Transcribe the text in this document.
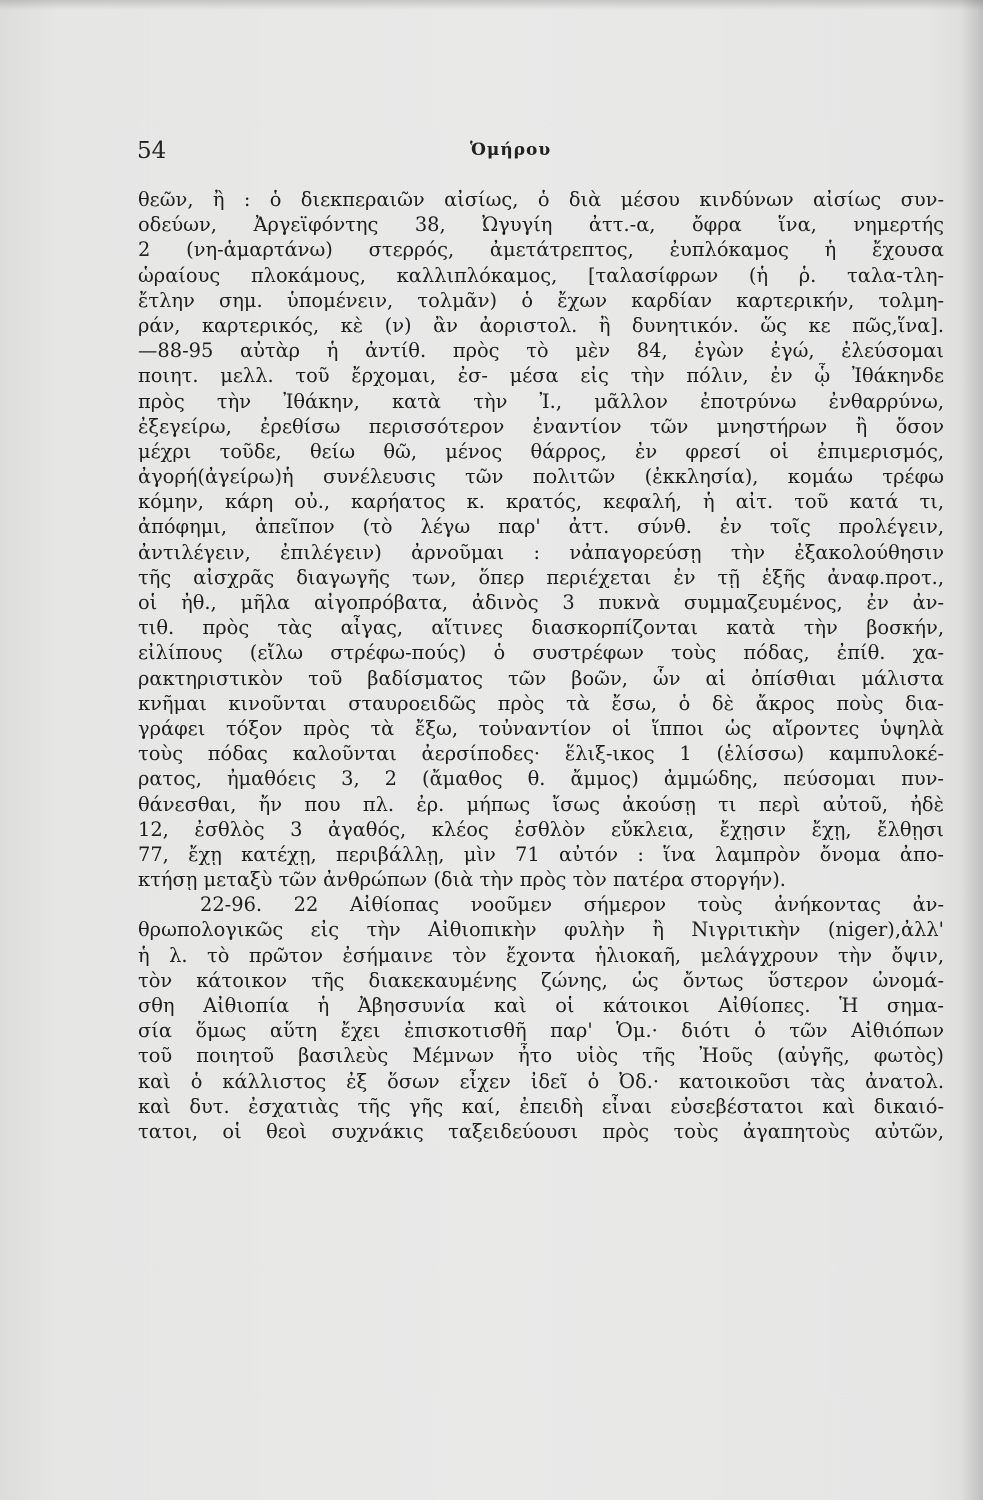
54	Ὁμήρου
θεῶν, ἢ : ὁ διεκπεραιῶν αἰσίως, ὁ διὰ μέσου κινδύνων αἰσίως συν-
οδεύων, Ἀργεϊφόντης 38, Ὠγυγίη ἀττ.-α, ὄφρα ἵνα, νημερτής
2 (νη-ἁμαρτάνω) στερρός, ἀμετάτρεπτος, ἐυπλόκαμος ἡ ἔχουσα
ὡραίους πλοκάμους, καλλιπλόκαμος, [ταλασίφρων (ἡ ῥ. ταλα-τλη-
ἔτλην σημ. ὑπομένειν, τολμᾶν) ὁ ἔχων καρδίαν καρτερικήν, τολμη-
ράν, καρτερικός, κὲ (ν) ἂν ἀοριστολ. ἢ δυνητικόν. ὥς κε πῶς,ἵνα].
—88-95 αὐτὰρ ἡ ἀντίθ. πρὸς τὸ μὲν 84, ἐγὼν ἐγώ, ἐλεύσομαι
ποιητ. μελλ. τοῦ ἔρχομαι, ἐσ- μέσα εἰς τὴν πόλιν, ἐν ᾧ Ἰθάκηνδε
πρὸς τὴν Ἰθάκην, κατὰ τὴν Ἰ., μᾶλλον ἐποτρύνω ἐνθαρρύνω,
ἐξεγείρω, ἐρεθίσω περισσότερον ἐναντίον τῶν μνηστήρων ἢ ὅσον
μέχρι τοῦδε, θείω θῶ, μένος θάρρος, ἐν φρεσί οἱ ἐπιμερισμός,
ἀγορή(ἀγείρω)ἡ συνέλευσις τῶν πολιτῶν (ἐκκλησία), κομάω τρέφω
κόμην, κάρη οὐ., καρήατος κ. κρατός, κεφαλή, ἡ αἰτ. τοῦ κατά τι,
ἀπόφημι, ἀπεῖπον (τὸ λέγω παρ' ἀττ. σύνθ. ἐν τοῖς προλέγειν,
ἀντιλέγειν, ἐπιλέγειν) ἀρνοῦμαι : νἀπαγορεύσῃ τὴν ἐξακολούθησιν
τῆς αἰσχρᾶς διαγωγῆς των, ὅπερ περιέχεται ἐν τῇ ἑξῆς ἀναφ.προτ.,
οἱ ἠθ., μῆλα αἰγοπρόβατα, ἀδινὸς 3 πυκνὰ συμμαζευμένος, ἐν ἀν-
τιθ. πρὸς τὰς αἶγας, αἵτινες διασκορπίζονται κατὰ τὴν βοσκήν,
εἰλίπους (εἴλω στρέφω-πούς) ὁ συστρέφων τοὺς πόδας, ἐπίθ. χα-
ρακτηριστικὸν τοῦ βαδίσματος τῶν βοῶν, ὧν αἱ ὀπίσθιαι μάλιστα
κνῆμαι κινοῦνται σταυροειδῶς πρὸς τὰ ἔσω, ὁ δὲ ἄκρος ποὺς δια-
γράφει τόξον πρὸς τὰ ἔξω, τοὐναντίον οἱ ἵπποι ὡς αἴροντες ὑψηλὰ
τοὺς πόδας καλοῦνται ἀερσίποδες· ἕλιξ-ικος 1 (ἑλίσσω) καμπυλοκέ-
ρατος, ἠμαθόεις 3, 2 (ἄμαθος θ. ἄμμος) ἀμμώδης, πεύσομαι πυν-
θάνεσθαι, ἤν που πλ. ἐρ. μήπως ἴσως ἀκούσῃ τι περὶ αὐτοῦ, ἠδὲ
12, ἐσθλὸς 3 ἀγαθός, κλέος ἐσθλὸν εὔκλεια, ἔχῃσιν ἔχῃ, ἔλθῃσι
77, ἔχῃ κατέχῃ, περιβάλλῃ, μὶν 71 αὐτόν : ἵνα λαμπρὸν ὄνομα ἀπο-
κτήσῃ μεταξὺ τῶν ἀνθρώπων (διὰ τὴν πρὸς τὸν πατέρα στοργήν).
22-96. 22 Αἰθίοπας νοοῦμεν σήμερον τοὺς ἀνήκοντας ἀν-
θρωπολογικῶς εἰς τὴν Αἰθιοπικὴν φυλὴν ἢ Νιγριτικὴν (niger),ἀλλ'
ἡ λ. τὸ πρῶτον ἐσήμαινε τὸν ἔχοντα ἡλιοκαῆ, μελάγχρουν τὴν ὄψιν,
τὸν κάτοικον τῆς διακεκαυμένης ζώνης, ὡς ὄντως ὕστερον ὠνομά-
σθη Αἰθιοπία ἡ Ἀβησσυνία καὶ οἱ κάτοικοι Αἰθίοπες. Ἡ σημα-
σία ὅμως αὕτη ἔχει ἐπισκοτισθῆ παρ' Ὁμ.· διότι ὁ τῶν Αἰθιόπων
τοῦ ποιητοῦ βασιλεὺς Μέμνων ἦτο υἱὸς τῆς Ἠοῦς (αὐγῆς, φωτὸς)
καὶ ὁ κάλλιστος ἐξ ὅσων εἶχεν ἰδεῖ ὁ Ὀδ.· κατοικοῦσι τὰς ἀνατολ.
καὶ δυτ. ἐσχατιὰς τῆς γῆς καί, ἐπειδὴ εἶναι εὐσεβέστατοι καὶ δικαιό-
τατοι, οἱ θεοὶ συχνάκις ταξειδεύουσι πρὸς τοὺς ἀγαπητοὺς αὐτῶν,
